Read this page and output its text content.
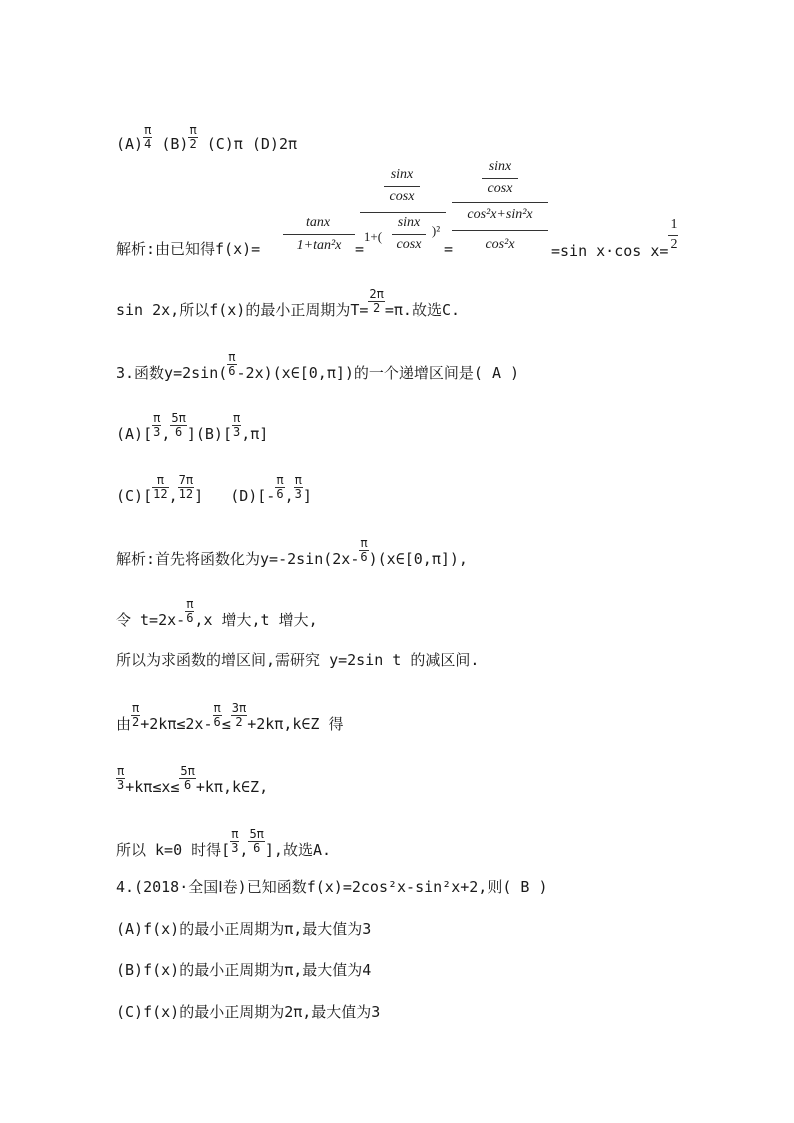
$(A) \frac{\pi}{4} (B) \frac{\pi}{2} (C)\pi$ (D)2π
解析:由已知得f(x)=
tanx
1+tan²x =
sinx
cosx
1+(
sinx
cosx
)²
=
sinx
cosx
cos²x+sin²x
cos²x	=sin x·cos x=
1
2
sin 2x,所以f(x)的最小正周期为$T= \frac{2\pi}{2} =\pi$.故选C.
3.函数$y=2\sin( \frac{\pi}{6}$ -2x)(x∈[0,π])的一个递增区间是( A )
$(A)[ \frac{\pi}{3}$ , $\frac{5\pi}{6} ](B)[ \frac{\pi}{3} ,\pi]$
$(C)[ \frac{\pi}{12}$ , $\frac{7\pi}{12}$ ] $(D)[- \frac{\pi}{6}$ , $\frac{\pi}{3}$ ]
解析:首先将函数化为$y=-2\sin(2x- \frac{\pi}{6}$ )(x∈[0,π]),
令 $t=2x- \frac{\pi}{6} ,x$ 增大,t 增大,
所以为求函数的增区间,需研究 y=2sin t 的减区间.
由 $\frac{\pi}{2} +2k\pi\le 2x- \frac{\pi}{6} \le \frac{3\pi}{2}$ +2kπ,k∈Z 得
$\frac{\pi}{3} +k\pi\le x\le \frac{5\pi}{6}$ +kπ,k∈Z,
所以 k=0 时得[ $\frac{\pi}{3}$ , $\frac{5\pi}{6}$ ],故选A.
4.(2018·全国Ⅰ卷)已知函数f(x)=2cos²x-sin²x+2,则( B )
(A)f(x)的最小正周期为π,最大值为3
(B)f(x)的最小正周期为π,最大值为4
(C)f(x)的最小正周期为2π,最大值为3
